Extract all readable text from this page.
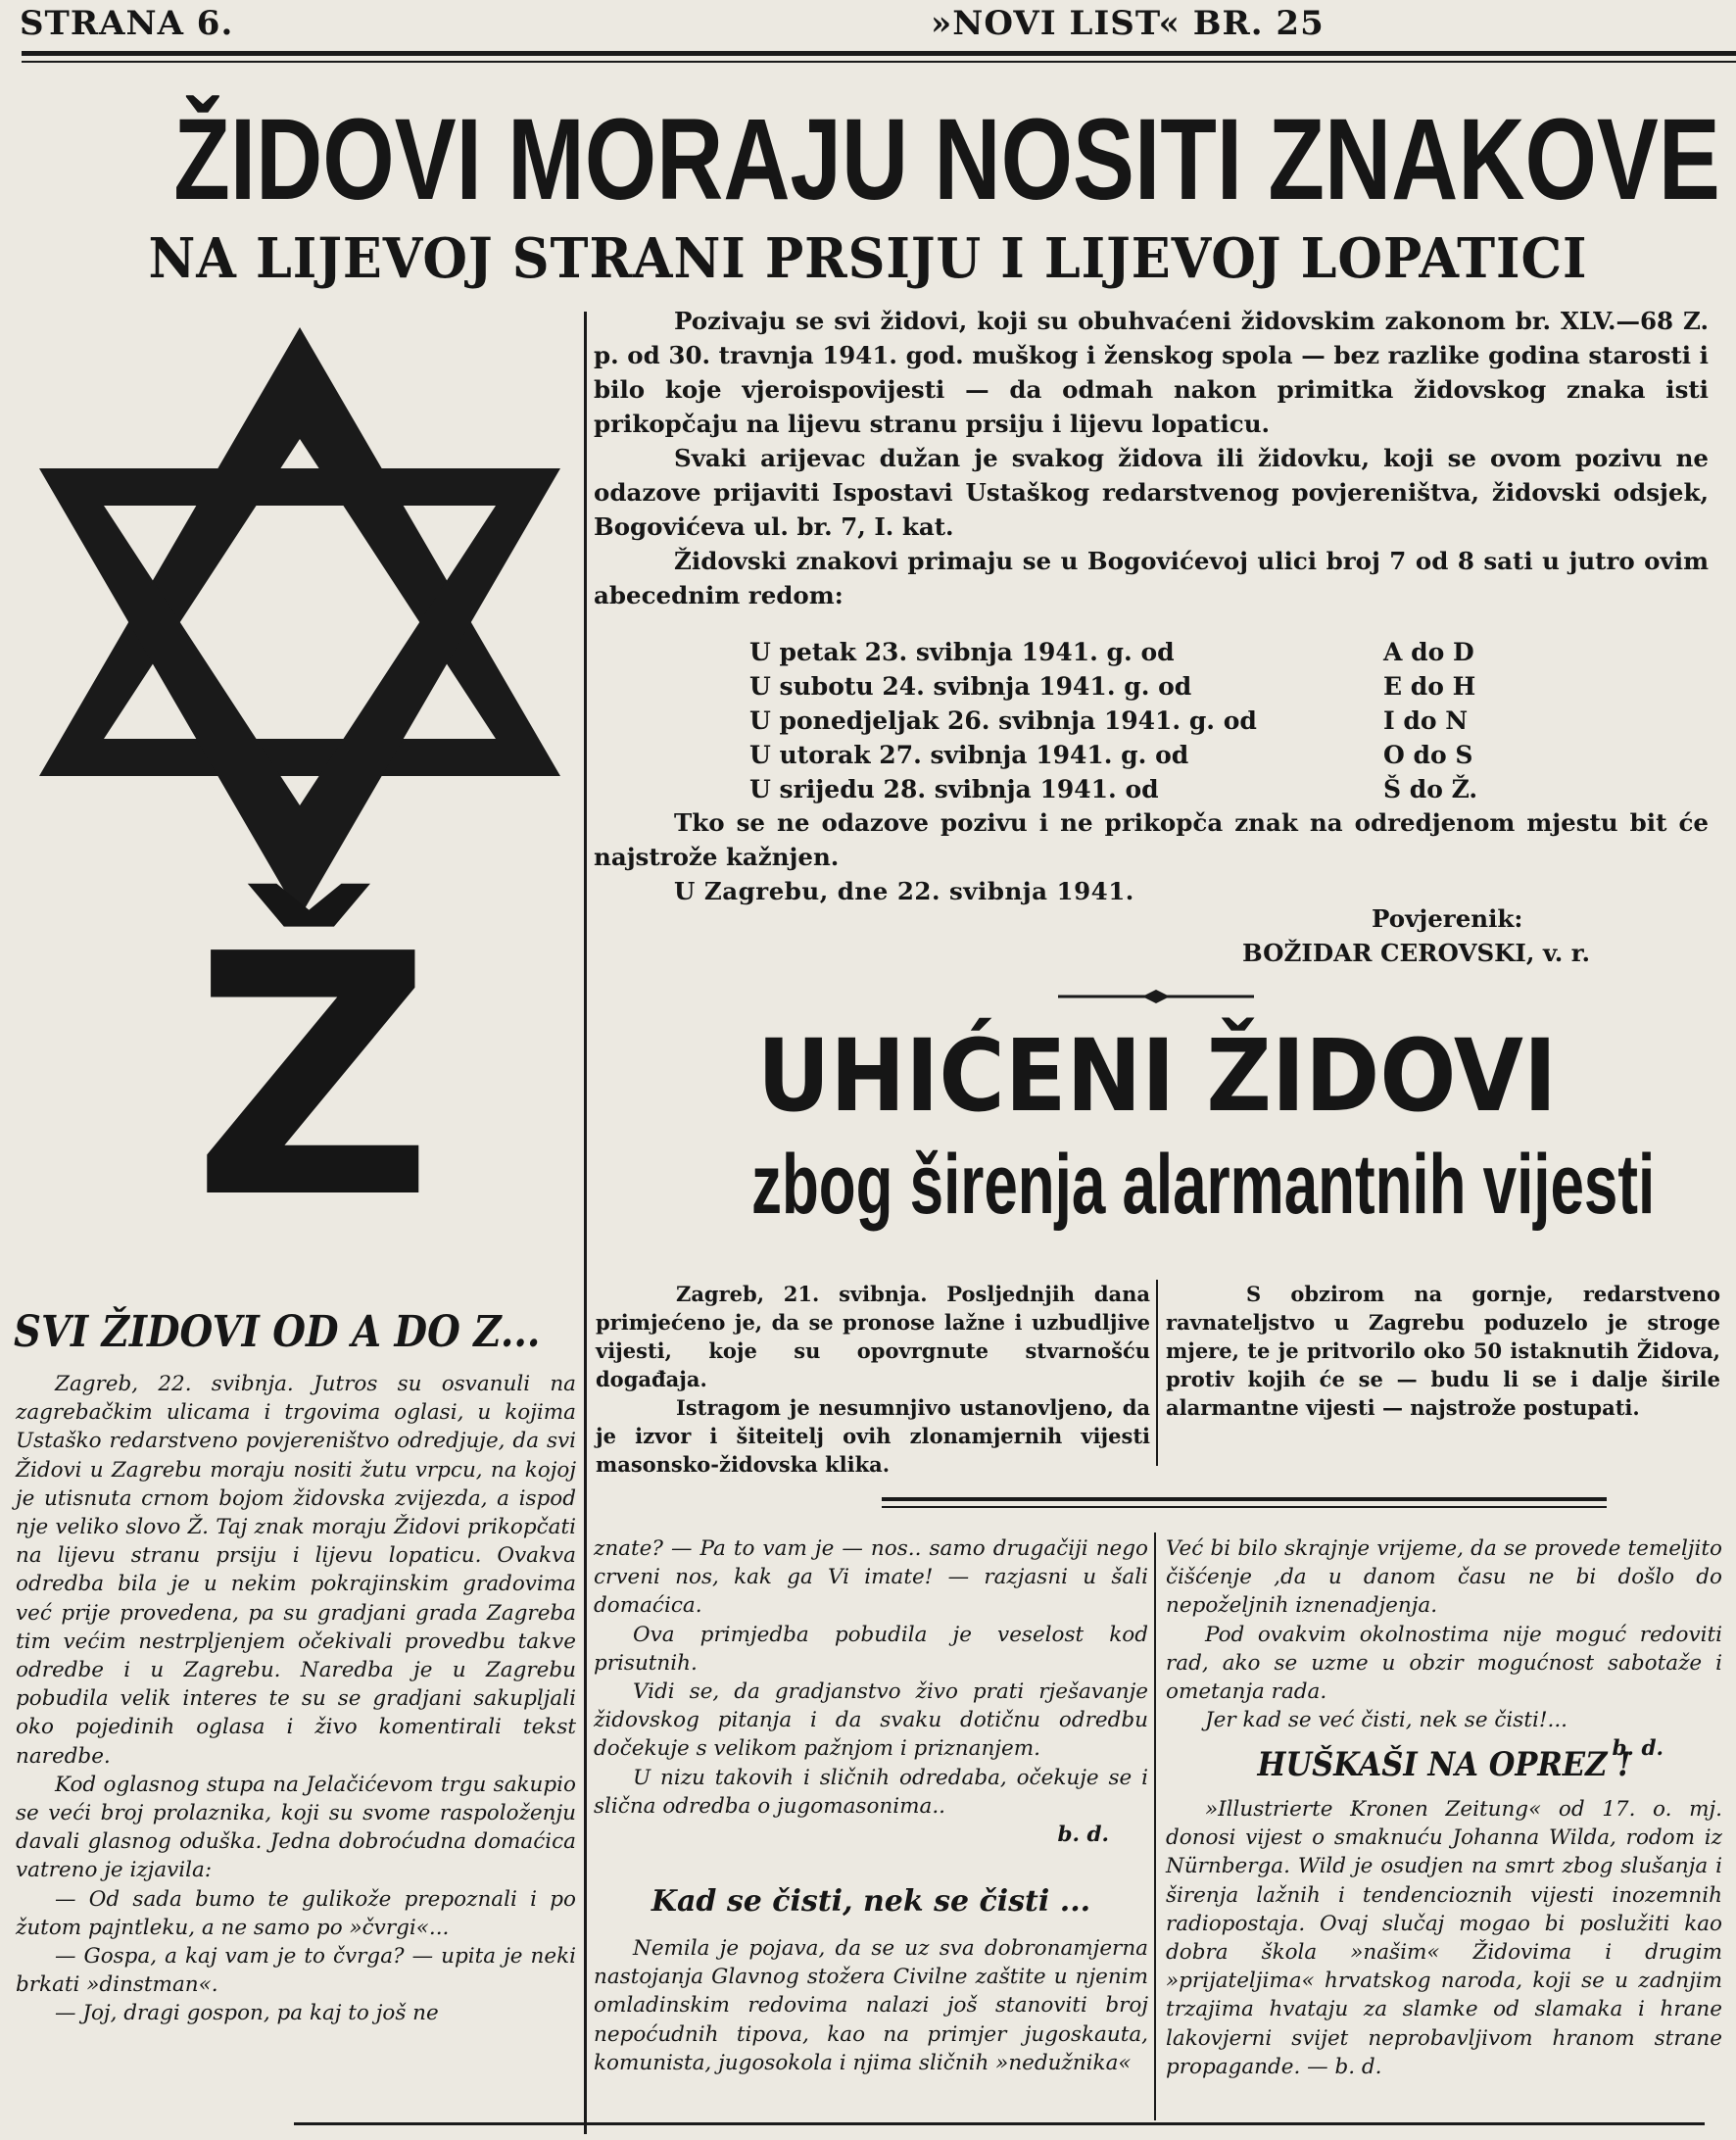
STRANA 6.	»NOVI LIST« BR. 25
ŽIDOVI MORAJU NOSITI ZNAKOVE
NA LIJEVOJ STRANI PRSIJU I LIJEVOJ LOPATICI
Ž

Pozivaju se svi židovi, koji su obuhvaćeni židovskim zakonom br. XLV.—68 Z. p. od 30. travnja 1941. god. muškog i ženskog spola — bez razlike godina starosti i bilo koje vjeroispovijesti — da odmah nakon primitka židovskog znaka isti prikopčaju na lijevu stranu prsiju i lijevu lopaticu.

Svaki arijevac dužan je svakog židova ili židovku, koji se ovom pozivu ne odazove prijaviti Ispostavi Ustaškog redarstvenog povjereništva, židovski odsjek, Bogovićeva ul. br. 7, I. kat.

Židovski znakovi primaju se u Bogovićevoj ulici broj 7 od 8 sati u jutro ovim abecednim redom:

U petak 23. svibnja 1941. g. od	A do D
U subotu 24. svibnja 1941. g. od	E do H
U ponedjeljak 26. svibnja 1941. g. od	I do N
U utorak 27. svibnja 1941. g. od	O do S
U srijedu 28. svibnja 1941. od	Š do Ž.

Tko se ne odazove pozivu i ne prikopča znak na odredjenom mjestu bit će najstrože kažnjen.

U Zagrebu, dne 22. svibnja 1941.

Povjerenik:
BOŽIDAR CEROVSKI, v. r.
UHIĆENI ŽIDOVI
zbog širenja alarmantnih vijesti

Zagreb, 21. svibnja. Posljednjih dana primjećeno je, da se pronose lažne i uzbudljive vijesti, koje su opovrgnute stvarnošću događaja.

Istragom je nesumnjivo ustanovljeno, da je izvor i šiteitelj ovih zlonamjernih vijesti masonsko-židovska klika.

S obzirom na gornje, redarstveno ravnateljstvo u Zagrebu poduzelo je stroge mjere, te je pritvorilo oko 50 istaknutih Židova, protiv kojih će se — budu li se i dalje širile alarmantne vijesti — najstrože postupati.

SVI ŽIDOVI OD A DO Z...

Zagreb, 22. svibnja. Jutros su osvanuli na zagrebačkim ulicama i trgovima oglasi, u kojima Ustaško redarstveno povjereništvo odredjuje, da svi Židovi u Zagrebu moraju nositi žutu vrpcu, na kojoj je utisnuta crnom bojom židovska zvijezda, a ispod nje veliko slovo Ž. Taj znak moraju Židovi prikopčati na lijevu stranu prsiju i lijevu lopaticu. Ovakva odredba bila je u nekim pokrajinskim gradovima već prije provedena, pa su gradjani grada Zagreba tim većim nestrpljenjem očekivali provedbu takve odredbe i u Zagrebu. Naredba je u Zagrebu pobudila velik interes te su se gradjani sakupljali oko pojedinih oglasa i živo komentirali tekst naredbe.

Kod oglasnog stupa na Jelačićevom trgu sakupio se veći broj prolaznika, koji su svome raspoloženju davali glasnog oduška. Jedna dobroćudna domaćica vatreno je izjavila:

— Od sada bumo te gulikože prepoznali i po žutom pajntleku, a ne samo po »čvrgi«...

— Gospa, a kaj vam je to čvrga? — upita je neki brkati »dinstman«.

— Joj, dragi gospon, pa kaj to još ne

znate? — Pa to vam je — nos.. samo drugačiji nego crveni nos, kak ga Vi imate! — razjasni u šali domaćica.

Ova primjedba pobudila je veselost kod prisutnih.

Vidi se, da gradjanstvo živo prati rješavanje židovskog pitanja i da svaku dotičnu odredbu dočekuje s velikom pažnjom i priznanjem.

U nizu takovih i sličnih odredaba, očekuje se i slična odredba o jugomasonima..

b. d.

Kad se čisti, nek se čisti ...

Nemila je pojava, da se uz sva dobronamjerna nastojanja Glavnog stožera Civilne zaštite u njenim omladinskim redovima nalazi još stanoviti broj nepoćudnih tipova, kao na primjer jugoskauta, komunista, jugosokola i njima sličnih »nedužnika«

Već bi bilo skrajnje vrijeme, da se provede temeljito čišćenje ,da u danom času ne bi došlo do nepoželjnih iznenadjenja.

Pod ovakvim okolnostima nije moguć redoviti rad, ako se uzme u obzir mogućnost sabotaže i ometanja rada.

Jer kad se već čisti, nek se čisti!...

b. d.

HUŠKAŠI NA OPREZ !

»Illustrierte Kronen Zeitung« od 17. o. mj. donosi vijest o smaknuću Johanna Wilda, rodom iz Nürnberga. Wild je osudjen na smrt zbog slušanja i širenja lažnih i tendencioznih vijesti inozemnih radiopostaja. Ovaj slučaj mogao bi poslužiti kao dobra škola »našim« Židovima i drugim »prijateljima« hrvatskog naroda, koji se u zadnjim trzajima hvataju za slamke od slamaka i hrane lakovjerni svijet neprobavljivom hranom strane propagande. — b. d.
